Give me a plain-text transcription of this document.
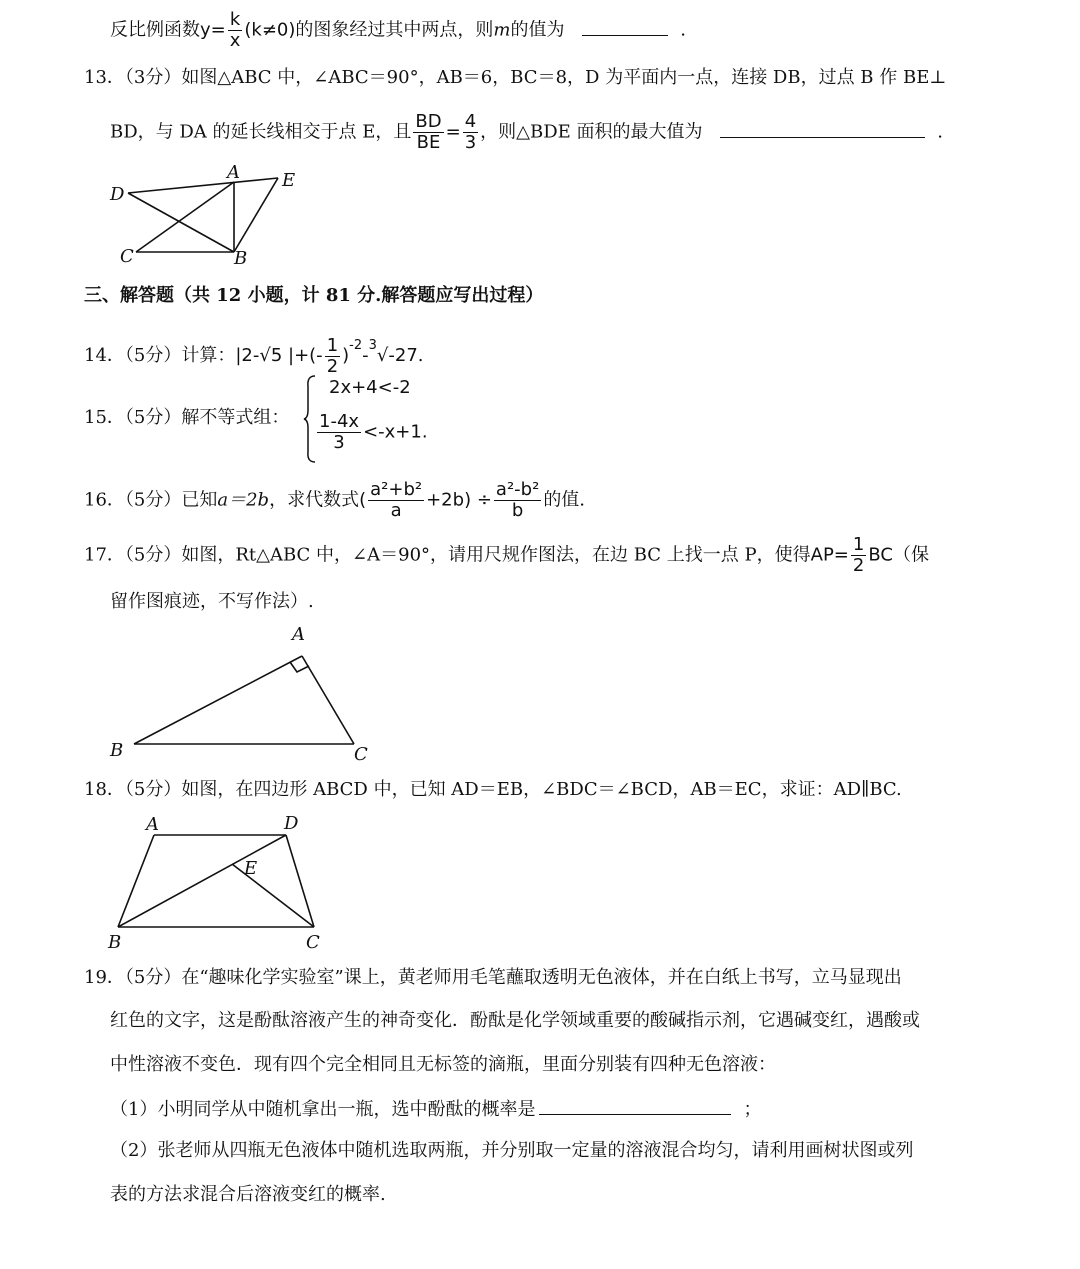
反比例函数$y= \frac{k}{x} (k\ne 0)$的图象经过其中两点，则m的值为	.
13．（3分）如图△ABC 中，∠ABC＝90°，AB＝6，BC＝8，D 为平面内一点，连接 DB，过点 B 作 BE⊥
BD，与 DA 的延长线相交于点 E，且 $\frac{BD}{BE} = \frac{4}{3}$ ，则△BDE 面积的最大值为	.
D
A E
C	B
三、解答题（共 12 小题，计 81 分.解答题应写出过程）
14．（5分）计算：|2-√5 |+(- $\frac{1}{2} )^{-2}-^3√-27$.
15．（5分）解不等式组：
2x+4<-2
$\frac{1-4x}{3} <-x+1$.
16．（5分）已知a＝2b，求代数式( $\frac{\text{a²+b²}}{a} +2b) \div \frac{\text{a²-b²}}{b}$ 的值.
17．（5分）如图，Rt△ABC 中，∠A＝90°，请用尺规作图法，在边 BC 上找一点 P，使得$AP= \frac{1}{2} BC$（保
留作图痕迹，不写作法）.
A
B	C
18．（5分）如图，在四边形 ABCD 中，已知 AD＝EB，∠BDC＝∠BCD，AB＝EC，求证：AD∥BC.
A	D
E
B	C
19．（5分）在“趣味化学实验室”课上，黄老师用毛笔蘸取透明无色液体，并在白纸上书写，立马显现出
红色的文字，这是酚酞溶液产生的神奇变化．酚酞是化学领域重要的酸碱指示剂，它遇碱变红，遇酸或
中性溶液不变色．现有四个完全相同且无标签的滴瓶，里面分别装有四种无色溶液：
（1）小明同学从中随机拿出一瓶，选中酚酞的概率是	；
（2）张老师从四瓶无色液体中随机选取两瓶，并分别取一定量的溶液混合均匀，请利用画树状图或列
表的方法求混合后溶液变红的概率.
